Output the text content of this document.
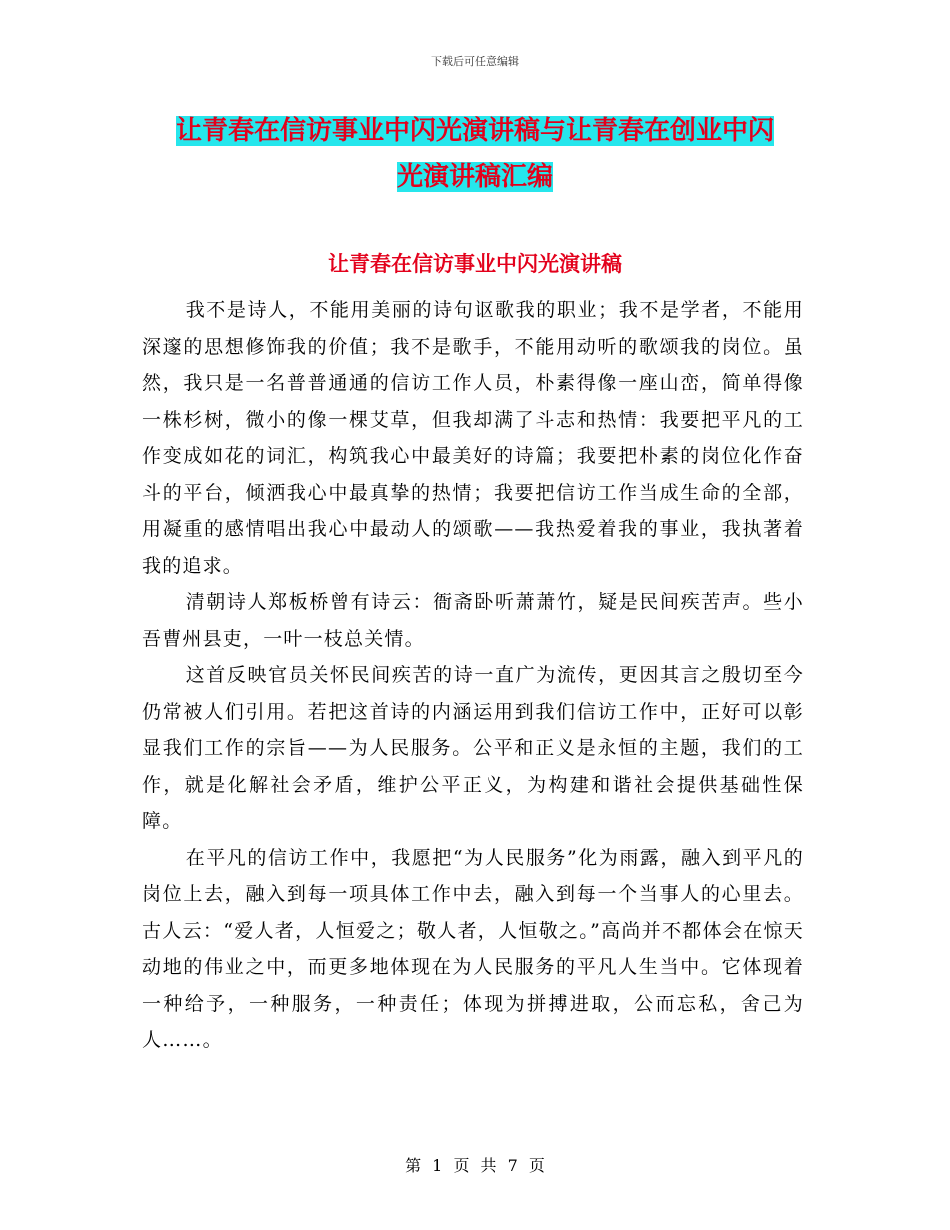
下载后可任意编辑
让青春在信访事业中闪光演讲稿与让青春在创业中闪
光演讲稿汇编
让青春在信访事业中闪光演讲稿

我不是诗人，不能用美丽的诗句讴歌我的职业；我不是学者，不能用深邃的思想修饰我的价值；我不是歌手，不能用动听的歌颂我的岗位。虽然，我只是一名普普通通的信访工作人员，朴素得像一座山峦，简单得像一株杉树，微小的像一棵艾草，但我却满了斗志和热情：我要把平凡的工作变成如花的词汇，构筑我心中最美好的诗篇；我要把朴素的岗位化作奋斗的平台，倾洒我心中最真挚的热情；我要把信访工作当成生命的全部，用凝重的感情唱出我心中最动人的颂歌——我热爱着我的事业，我执著着我的追求。

清朝诗人郑板桥曾有诗云：衙斋卧听萧萧竹，疑是民间疾苦声。些小吾曹州县吏，一叶一枝总关情。

这首反映官员关怀民间疾苦的诗一直广为流传，更因其言之殷切至今仍常被人们引用。若把这首诗的内涵运用到我们信访工作中，正好可以彰显我们工作的宗旨——为人民服务。公平和正义是永恒的主题，我们的工作，就是化解社会矛盾，维护公平正义，为构建和谐社会提供基础性保障。

在平凡的信访工作中，我愿把“为人民服务”化为雨露，融入到平凡的岗位上去，融入到每一项具体工作中去，融入到每一个当事人的心里去。古人云：“爱人者，人恒爱之；敬人者，人恒敬之。”高尚并不都体会在惊天动地的伟业之中，而更多地体现在为人民服务的平凡人生当中。它体现着一种给予，一种服务，一种责任；体现为拼搏进取，公而忘私，舍己为人……。

第 1 页 共 7 页
